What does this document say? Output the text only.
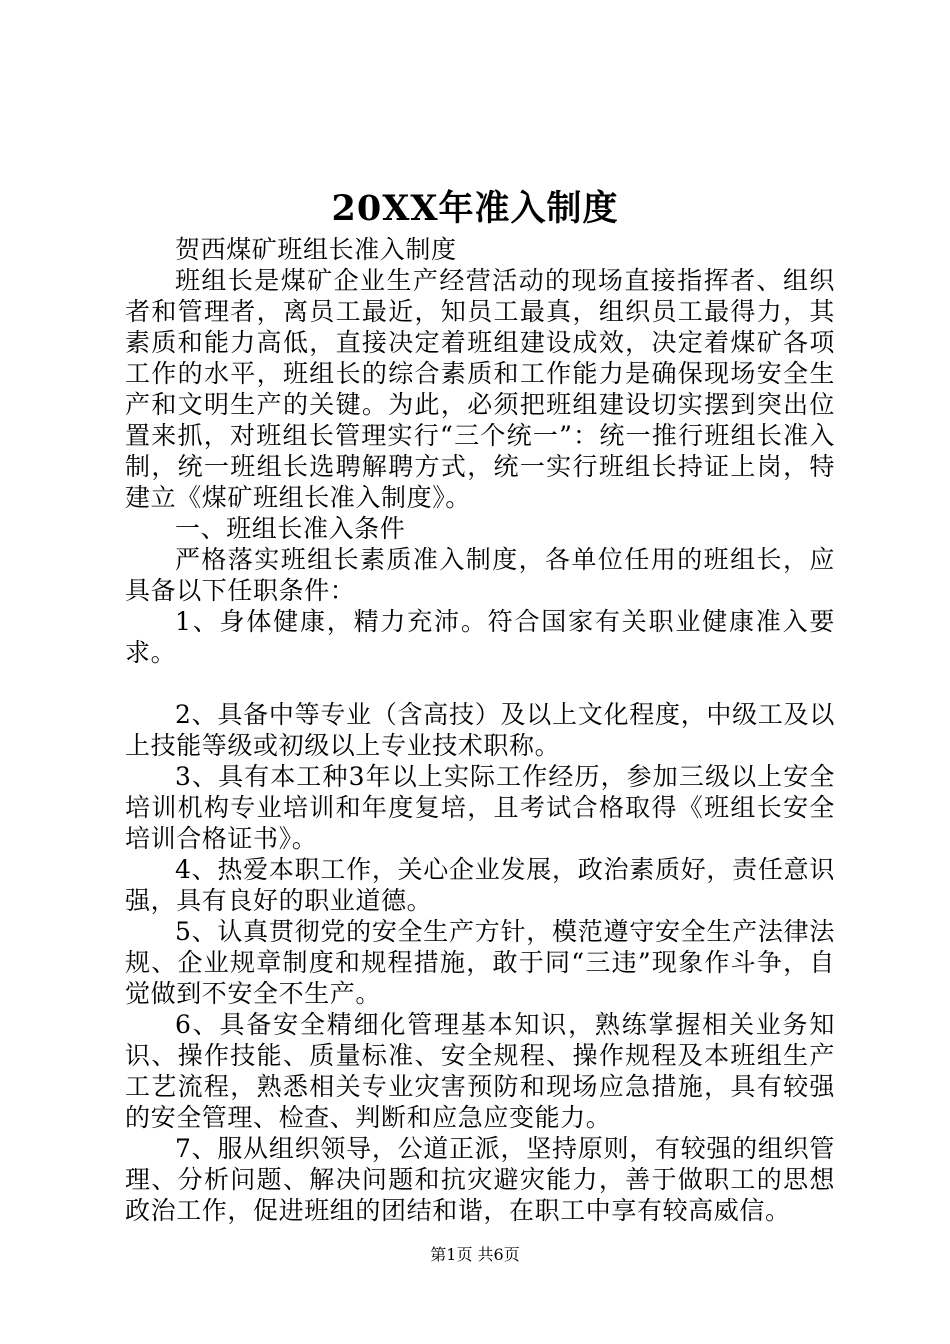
20XX年准入制度

贺西煤矿班组长准入制度

班组长是煤矿企业生产经营活动的现场直接指挥者、组织者和管理者，离员工最近，知员工最真，组织员工最得力，其素质和能力高低，直接决定着班组建设成效，决定着煤矿各项工作的水平，班组长的综合素质和工作能力是确保现场安全生产和文明生产的关键。为此，必须把班组建设切实摆到突出位置来抓，对班组长管理实行“三个统一”：统一推行班组长准入制，统一班组长选聘解聘方式，统一实行班组长持证上岗，特建立《煤矿班组长准入制度》。

一、班组长准入条件

严格落实班组长素质准入制度，各单位任用的班组长，应具备以下任职条件：

1、身体健康，精力充沛。符合国家有关职业健康准入要求。

2、具备中等专业（含高技）及以上文化程度，中级工及以上技能等级或初级以上专业技术职称。

3、具有本工种3年以上实际工作经历，参加三级以上安全培训机构专业培训和年度复培，且考试合格取得《班组长安全培训合格证书》。

4、热爱本职工作，关心企业发展，政治素质好，责任意识强，具有良好的职业道德。

5、认真贯彻党的安全生产方针，模范遵守安全生产法律法规、企业规章制度和规程措施，敢于同“三违”现象作斗争，自觉做到不安全不生产。

6、具备安全精细化管理基本知识，熟练掌握相关业务知识、操作技能、质量标准、安全规程、操作规程及本班组生产工艺流程，熟悉相关专业灾害预防和现场应急措施，具有较强的安全管理、检查、判断和应急应变能力。

7、服从组织领导，公道正派，坚持原则，有较强的组织管理、分析问题、解决问题和抗灾避灾能力，善于做职工的思想政治工作，促进班组的团结和谐，在职工中享有较高威信。

第1页 共6页
